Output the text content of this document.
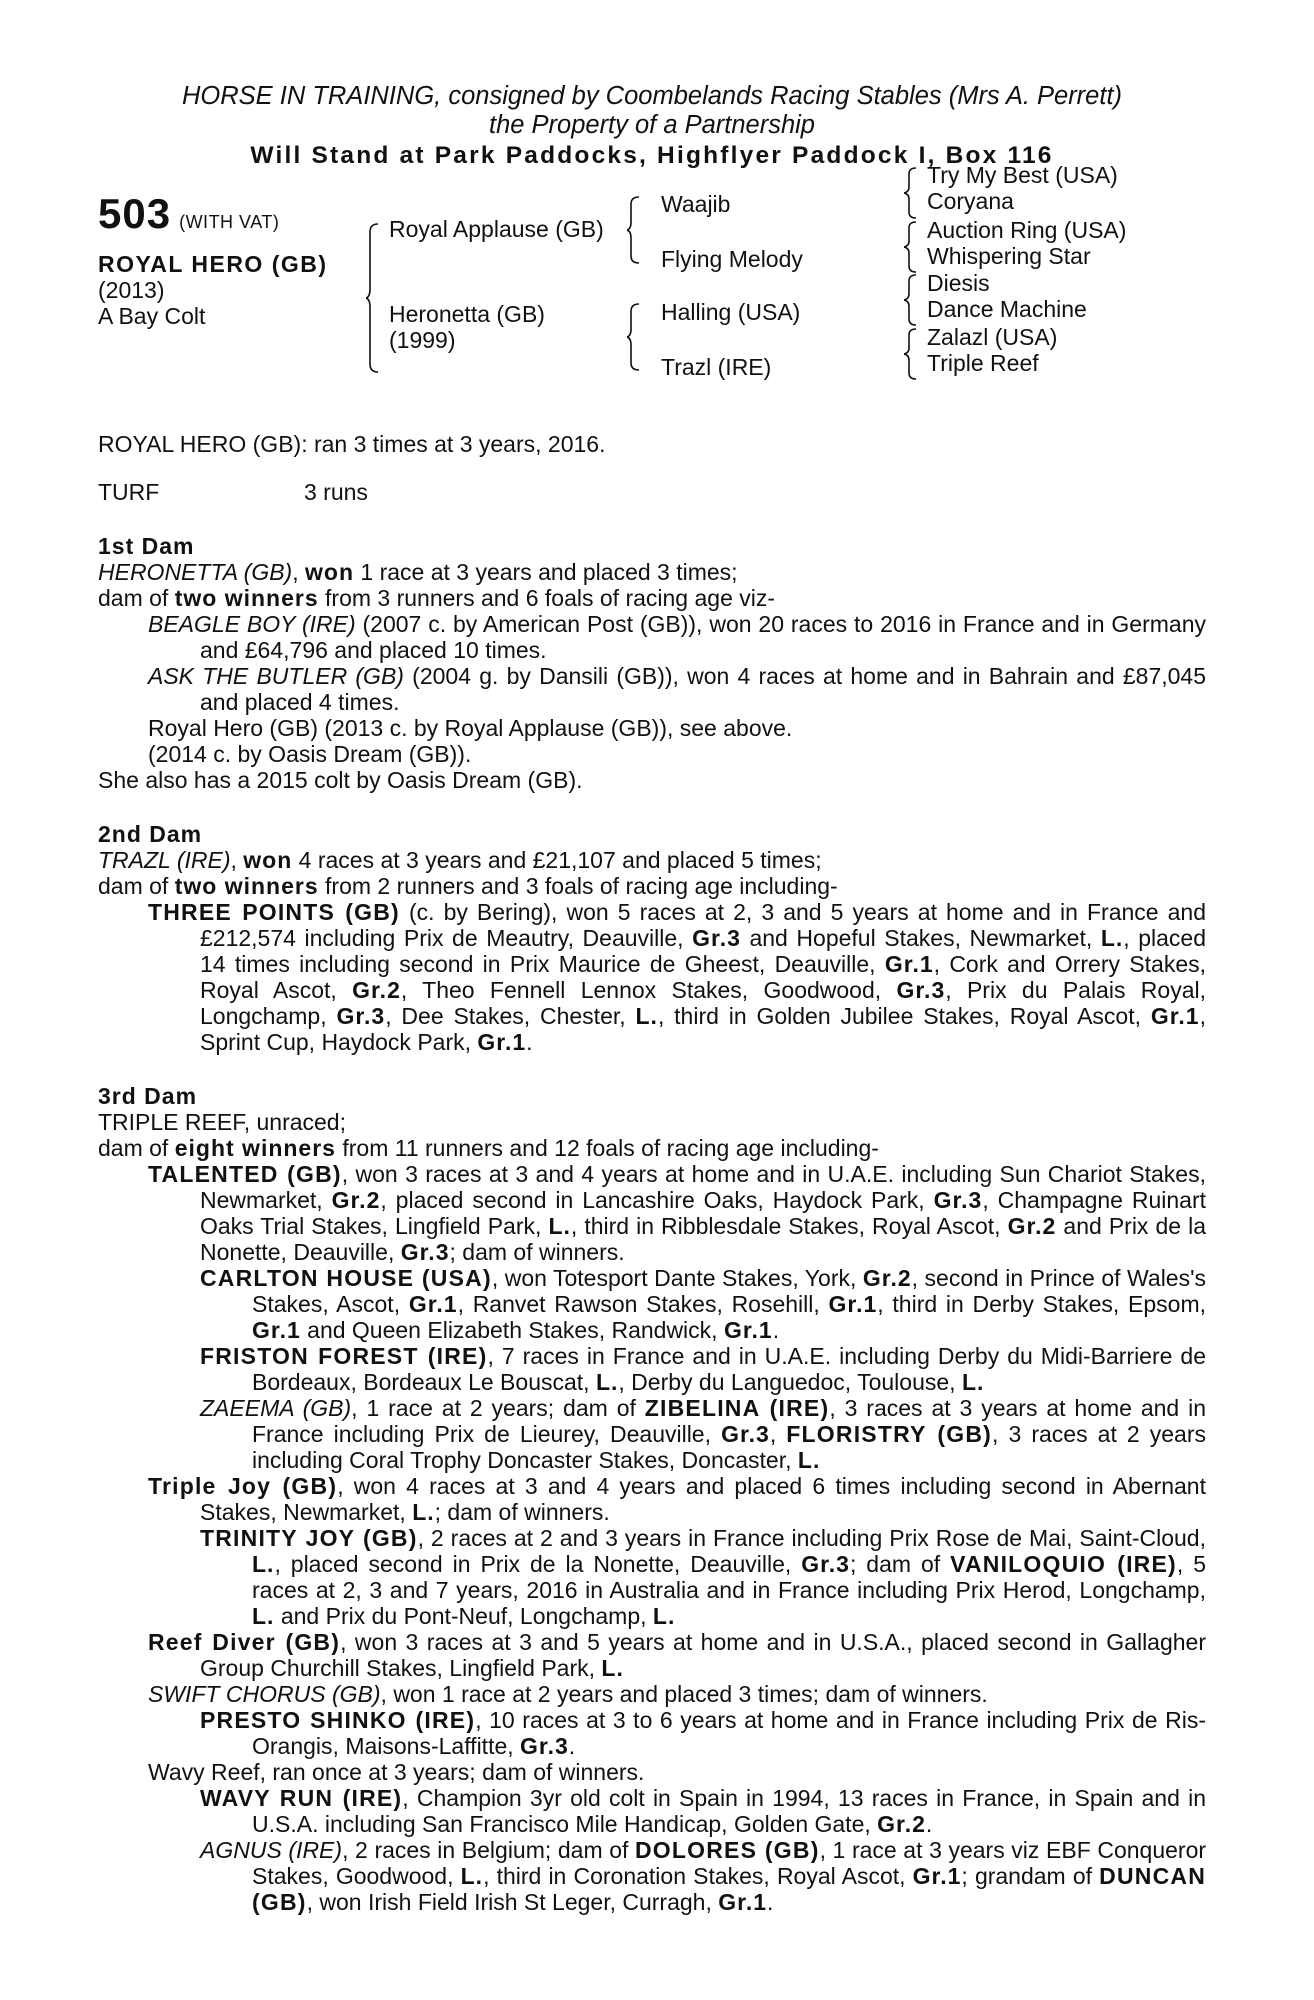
HORSE IN TRAINING, consigned by Coombelands Racing Stables (Mrs A. Perrett)
the Property of a Partnership
Will Stand at Park Paddocks, Highflyer Paddock I, Box 116
503 (WITH VAT)
ROYAL HERO (GB)
(2013)
A Bay Colt
Royal Applause (GB)
Heronetta (GB)
(1999)
Waajib
Flying Melody
Halling (USA)
Trazl (IRE)
Try My Best (USA)
Coryana
Auction Ring (USA)
Whispering Star
Diesis
Dance Machine
Zalazl (USA)
Triple Reef
ROYAL HERO (GB): ran 3 times at 3 years, 2016.
TURF	3 runs
1st Dam
HERONETTA (GB), won 1 race at 3 years and placed 3 times;
dam of two winners from 3 runners and 6 foals of racing age viz-
BEAGLE BOY (IRE) (2007 c. by American Post (GB)), won 20 races to 2016 in France and in Germany and £64,796 and placed 10 times.
ASK THE BUTLER (GB) (2004 g. by Dansili (GB)), won 4 races at home and in Bahrain and £87,045 and placed 4 times.
Royal Hero (GB) (2013 c. by Royal Applause (GB)), see above.
(2014 c. by Oasis Dream (GB)).
She also has a 2015 colt by Oasis Dream (GB).
2nd Dam
TRAZL (IRE), won 4 races at 3 years and £21,107 and placed 5 times;
dam of two winners from 2 runners and 3 foals of racing age including-
THREE POINTS (GB) (c. by Bering), won 5 races at 2, 3 and 5 years at home and in France and £212,574 including Prix de Meautry, Deauville, Gr.3 and Hopeful Stakes, Newmarket, L., placed 14 times including second in Prix Maurice de Gheest, Deauville, Gr.1, Cork and Orrery Stakes, Royal Ascot, Gr.2, Theo Fennell Lennox Stakes, Goodwood, Gr.3, Prix du Palais Royal, Longchamp, Gr.3, Dee Stakes, Chester, L., third in Golden Jubilee Stakes, Royal Ascot, Gr.1, Sprint Cup, Haydock Park, Gr.1.
3rd Dam
TRIPLE REEF, unraced;
dam of eight winners from 11 runners and 12 foals of racing age including-
TALENTED (GB), won 3 races at 3 and 4 years at home and in U.A.E. including Sun Chariot Stakes, Newmarket, Gr.2, placed second in Lancashire Oaks, Haydock Park, Gr.3, Champagne Ruinart Oaks Trial Stakes, Lingfield Park, L., third in Ribblesdale Stakes, Royal Ascot, Gr.2 and Prix de la Nonette, Deauville, Gr.3; dam of winners.
CARLTON HOUSE (USA), won Totesport Dante Stakes, York, Gr.2, second in Prince of Wales's Stakes, Ascot, Gr.1, Ranvet Rawson Stakes, Rosehill, Gr.1, third in Derby Stakes, Epsom, Gr.1 and Queen Elizabeth Stakes, Randwick, Gr.1.
FRISTON FOREST (IRE), 7 races in France and in U.A.E. including Derby du Midi-Barriere de Bordeaux, Bordeaux Le Bouscat, L., Derby du Languedoc, Toulouse, L.
ZAEEMA (GB), 1 race at 2 years; dam of ZIBELINA (IRE), 3 races at 3 years at home and in France including Prix de Lieurey, Deauville, Gr.3, FLORISTRY (GB), 3 races at 2 years including Coral Trophy Doncaster Stakes, Doncaster, L.
Triple Joy (GB), won 4 races at 3 and 4 years and placed 6 times including second in Abernant Stakes, Newmarket, L.; dam of winners.
TRINITY JOY (GB), 2 races at 2 and 3 years in France including Prix Rose de Mai, Saint-Cloud, L., placed second in Prix de la Nonette, Deauville, Gr.3; dam of VANILOQUIO (IRE), 5 races at 2, 3 and 7 years, 2016 in Australia and in France including Prix Herod, Longchamp, L. and Prix du Pont-Neuf, Longchamp, L.
Reef Diver (GB), won 3 races at 3 and 5 years at home and in U.S.A., placed second in Gallagher Group Churchill Stakes, Lingfield Park, L.
SWIFT CHORUS (GB), won 1 race at 2 years and placed 3 times; dam of winners.
PRESTO SHINKO (IRE), 10 races at 3 to 6 years at home and in France including Prix de Ris-Orangis, Maisons-Laffitte, Gr.3.
Wavy Reef, ran once at 3 years; dam of winners.
WAVY RUN (IRE), Champion 3yr old colt in Spain in 1994, 13 races in France, in Spain and in U.S.A. including San Francisco Mile Handicap, Golden Gate, Gr.2.
AGNUS (IRE), 2 races in Belgium; dam of DOLORES (GB), 1 race at 3 years viz EBF Conqueror Stakes, Goodwood, L., third in Coronation Stakes, Royal Ascot, Gr.1; grandam of DUNCAN (GB), won Irish Field Irish St Leger, Curragh, Gr.1.
